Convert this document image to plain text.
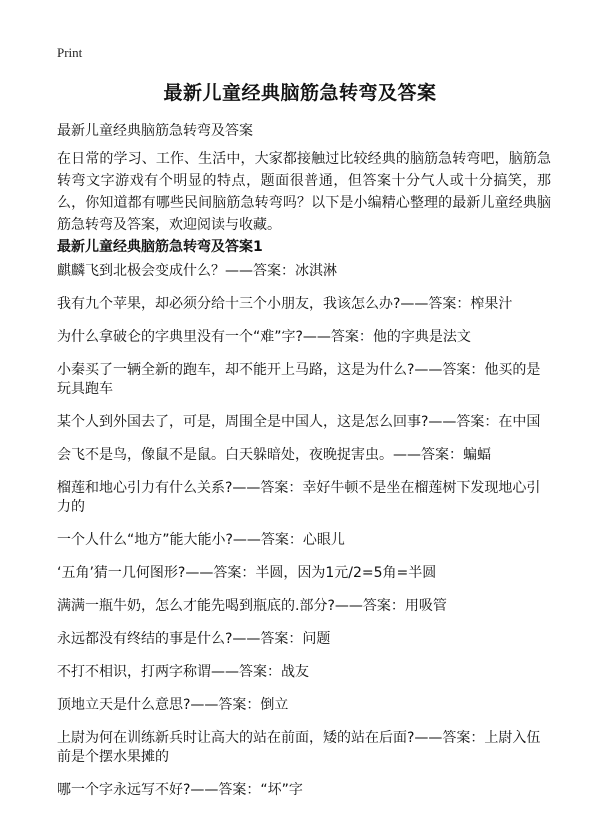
Print
最新儿童经典脑筋急转弯及答案
最新儿童经典脑筋急转弯及答案

在日常的学习、工作、生活中，大家都接触过比较经典的脑筋急转弯吧，脑筋急转弯文字游戏有个明显的特点，题面很普通，但答案十分气人或十分搞笑，那么，你知道都有哪些民间脑筋急转弯吗？以下是小编精心整理的最新儿童经典脑筋急转弯及答案，欢迎阅读与收藏。

最新儿童经典脑筋急转弯及答案1
麒麟飞到北极会变成什么？——答案：冰淇淋
我有九个苹果，却必须分给十三个小朋友，我该怎么办?——答案：榨果汁
为什么拿破仑的字典里没有一个“难”字?——答案：他的字典是法文
小秦买了一辆全新的跑车，却不能开上马路，这是为什么?——答案：他买的是玩具跑车
某个人到外国去了，可是，周围全是中国人，这是怎么回事?——答案：在中国
会飞不是鸟，像鼠不是鼠。白天躲暗处，夜晚捉害虫。——答案：蝙蝠
榴莲和地心引力有什么关系?——答案：幸好牛顿不是坐在榴莲树下发现地心引力的
一个人什么“地方”能大能小?——答案：心眼儿
‘五角’猜一几何图形?——答案：半圆，因为1元/2=5角=半圆
满满一瓶牛奶，怎么才能先喝到瓶底的.部分?——答案：用吸管
永远都没有终结的事是什么?——答案：问题
不打不相识，打两字称谓——答案：战友
顶地立天是什么意思?——答案：倒立
上尉为何在训练新兵时让高大的站在前面，矮的站在后面?——答案：上尉入伍前是个摆水果摊的
哪一个字永远写不好?——答案：“坏”字
